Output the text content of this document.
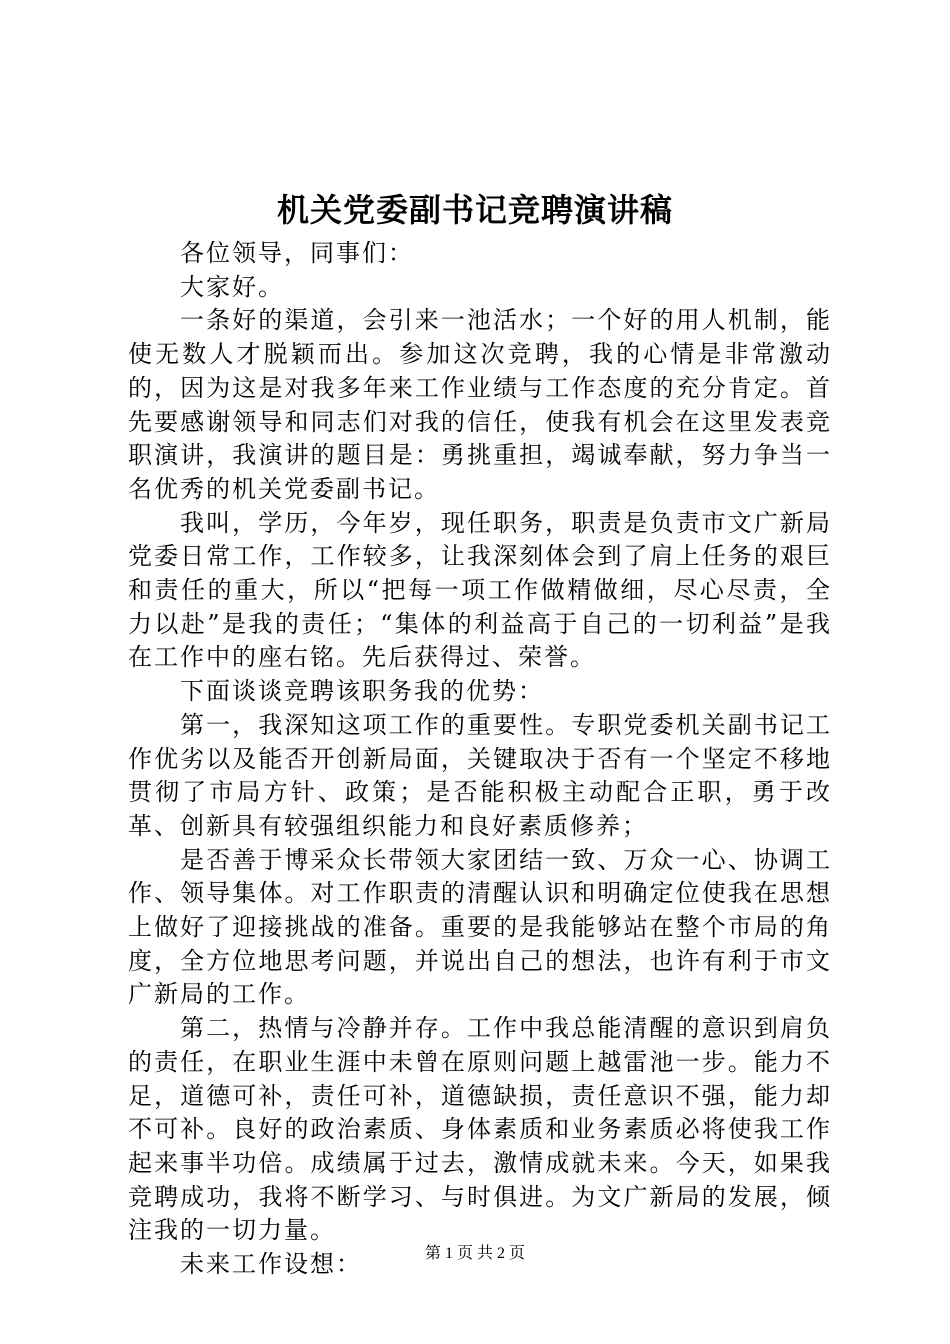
机关党委副书记竞聘演讲稿

各位领导，同事们：

大家好。

一条好的渠道，会引来一池活水；一个好的用人机制，能使无数人才脱颖而出。参加这次竞聘，我的心情是非常激动的，因为这是对我多年来工作业绩与工作态度的充分肯定。首先要感谢领导和同志们对我的信任，使我有机会在这里发表竞职演讲，我演讲的题目是：勇挑重担，竭诚奉献，努力争当一名优秀的机关党委副书记。

我叫，学历，今年岁，现任职务，职责是负责市文广新局党委日常工作，工作较多，让我深刻体会到了肩上任务的艰巨和责任的重大，所以“把每一项工作做精做细，尽心尽责，全力以赴”是我的责任；“集体的利益高于自己的一切利益”是我在工作中的座右铭。先后获得过、荣誉。

下面谈谈竞聘该职务我的优势：

第一，我深知这项工作的重要性。专职党委机关副书记工作优劣以及能否开创新局面，关键取决于否有一个坚定不移地贯彻了市局方针、政策；是否能积极主动配合正职，勇于改革、创新具有较强组织能力和良好素质修养；

是否善于博采众长带领大家团结一致、万众一心、协调工作、领导集体。对工作职责的清醒认识和明确定位使我在思想上做好了迎接挑战的准备。重要的是我能够站在整个市局的角度，全方位地思考问题，并说出自己的想法，也许有利于市文广新局的工作。

第二，热情与冷静并存。工作中我总能清醒的意识到肩负的责任，在职业生涯中未曾在原则问题上越雷池一步。能力不足，道德可补，责任可补，道德缺损，责任意识不强，能力却不可补。良好的政治素质、身体素质和业务素质必将使我工作起来事半功倍。成绩属于过去，激情成就未来。今天，如果我竞聘成功，我将不断学习、与时俱进。为文广新局的发展，倾注我的一切力量。

未来工作设想：	第 1 页 共 2 页
